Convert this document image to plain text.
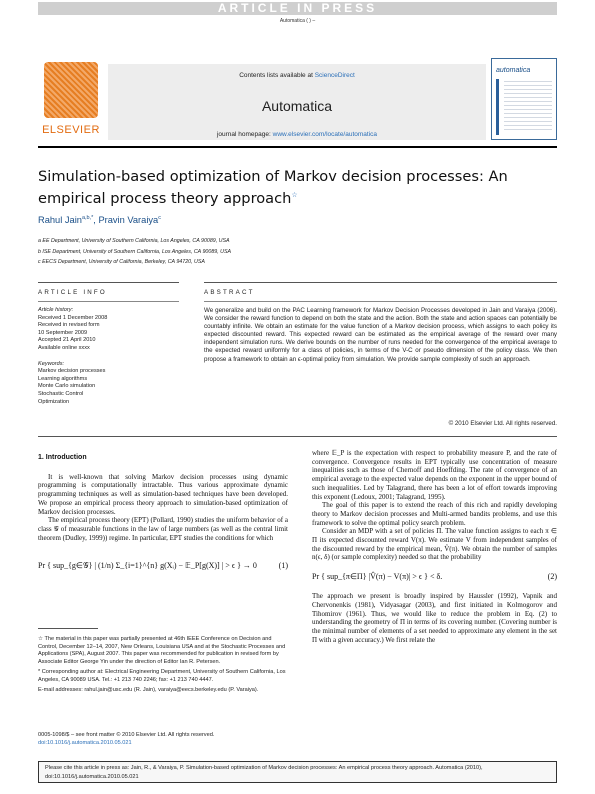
ARTICLE IN PRESS
Automatica ( ) –
ELSEVIER
Contents lists available at ScienceDirect
Automatica
journal homepage: www.elsevier.com/locate/automatica
automatica
Simulation-based optimization of Markov decision processes: An empirical process theory approach☆
Rahul Jain$^{a,b,*}$, Pravin Varaiya$^c$
a EE Department, University of Southern California, Los Angeles, CA 90089, USA
b ISE Department, University of Southern California, Los Angeles, CA 90089, USA
c EECS Department, University of California, Berkeley, CA 94720, USA
ARTICLE INFO	ABSTRACT
Article history:
Received 1 December 2008
Received in revised form
10 September 2009
Accepted 21 April 2010
Available online xxxx
Keywords:
Markov decision processes
Learning algorithms
Monte Carlo simulation
Stochastic Control
Optimization
We generalize and build on the PAC Learning framework for Markov Decision Processes developed in Jain and Varaiya (2006). We consider the reward function to depend on both the state and the action. Both the state and action spaces can potentially be countably infinite. We obtain an estimate for the value function of a Markov decision process, which assigns to each policy its expected discounted reward. This expected reward can be estimated as the empirical average of the reward over many independent simulation runs. We derive bounds on the number of runs needed for the convergence of the empirical average to the expected reward uniformly for a class of policies, in terms of the V-C or pseudo dimension of the policy class. We then propose a framework to obtain an ϵ-optimal policy from simulation. We provide sample complexity of such an approach.
© 2010 Elsevier Ltd. All rights reserved.
1. Introduction

It is well-known that solving Markov decision processes using dynamic programming is computationally intractable. Thus various approximate dynamic programming techniques as well as simulation-based techniques have been developed. We propose an empirical process theory approach to simulation-based optimization of Markov decision processes.

The empirical process theory (EPT) (Pollard, 1990) studies the uniform behavior of a class 𝒢 of measurable functions in the law of large numbers (as well as the central limit theorem (Dudley, 1999)) regime. In particular, EPT studies the conditions for which

Pr { sup_{g∈𝒢} | (1/n) Σ_{i=1}^{n} g(Xᵢ) − 𝔼_P[g(X)] | > ϵ } → 0	(1)

where 𝔼_P is the expectation with respect to probability measure P, and the rate of convergence. Convergence results in EPT typically use concentration of measure inequalities such as those of Chernoff and Hoeffding. The rate of convergence of an empirical average to the expected value depends on the exponent in the upper bound of such inequalities. Led by Talagrand, there has been a lot of effort towards improving this exponent (Ledoux, 2001; Talagrand, 1995).

The goal of this paper is to extend the reach of this rich and rapidly developing theory to Markov decision processes and Multi-armed bandits problems, and use this framework to solve the optimal policy search problem.

Consider an MDP with a set of policies Π. The value function assigns to each π ∈ Π its expected discounted reward V(π). We estimate V from independent samples of the discounted reward by the empirical mean, V̂(π). We obtain the number of samples n(ϵ, δ) (or sample complexity) needed so that the probability

Pr { sup_{π∈Π} |V̂(π) − V(π)| > ϵ } < δ.	(2)

The approach we present is broadly inspired by Haussler (1992), Vapnik and Chervonenkis (1981), Vidyasagar (2003), and first initiated in Kolmogorov and Tihomirov (1961). Thus, we would like to reduce the problem in Eq. (2) to understanding the geometry of Π in terms of its covering number. (Covering number is the minimal number of elements of a set needed to approximate any element in the set Π with a given accuracy.) We first relate the

☆ The material in this paper was partially presented at 46th IEEE Conference on Decision and Control, December 12–14, 2007, New Orleans, Louisiana USA and at the Stochastic Processes and Applications (SPA), August 2007. This paper was recommended for publication in revised form by Associate Editor George Yin under the direction of Editor Ian R. Petersen.
* Corresponding author at: Electrical Engineering Department, University of Southern California, Los Angeles, CA 90089 USA. Tel.: +1 213 740 2246; fax: +1 213 740 4447.
E-mail addresses: rahul.jain@usc.edu (R. Jain), varaiya@eecs.berkeley.edu (P. Varaiya).
0005-1098/$ – see front matter © 2010 Elsevier Ltd. All rights reserved.
doi:10.1016/j.automatica.2010.05.021
Please cite this article in press as: Jain, R., & Varaiya, P. Simulation-based optimization of Markov decision processes: An empirical process theory approach. Automatica (2010), doi:10.1016/j.automatica.2010.05.021
